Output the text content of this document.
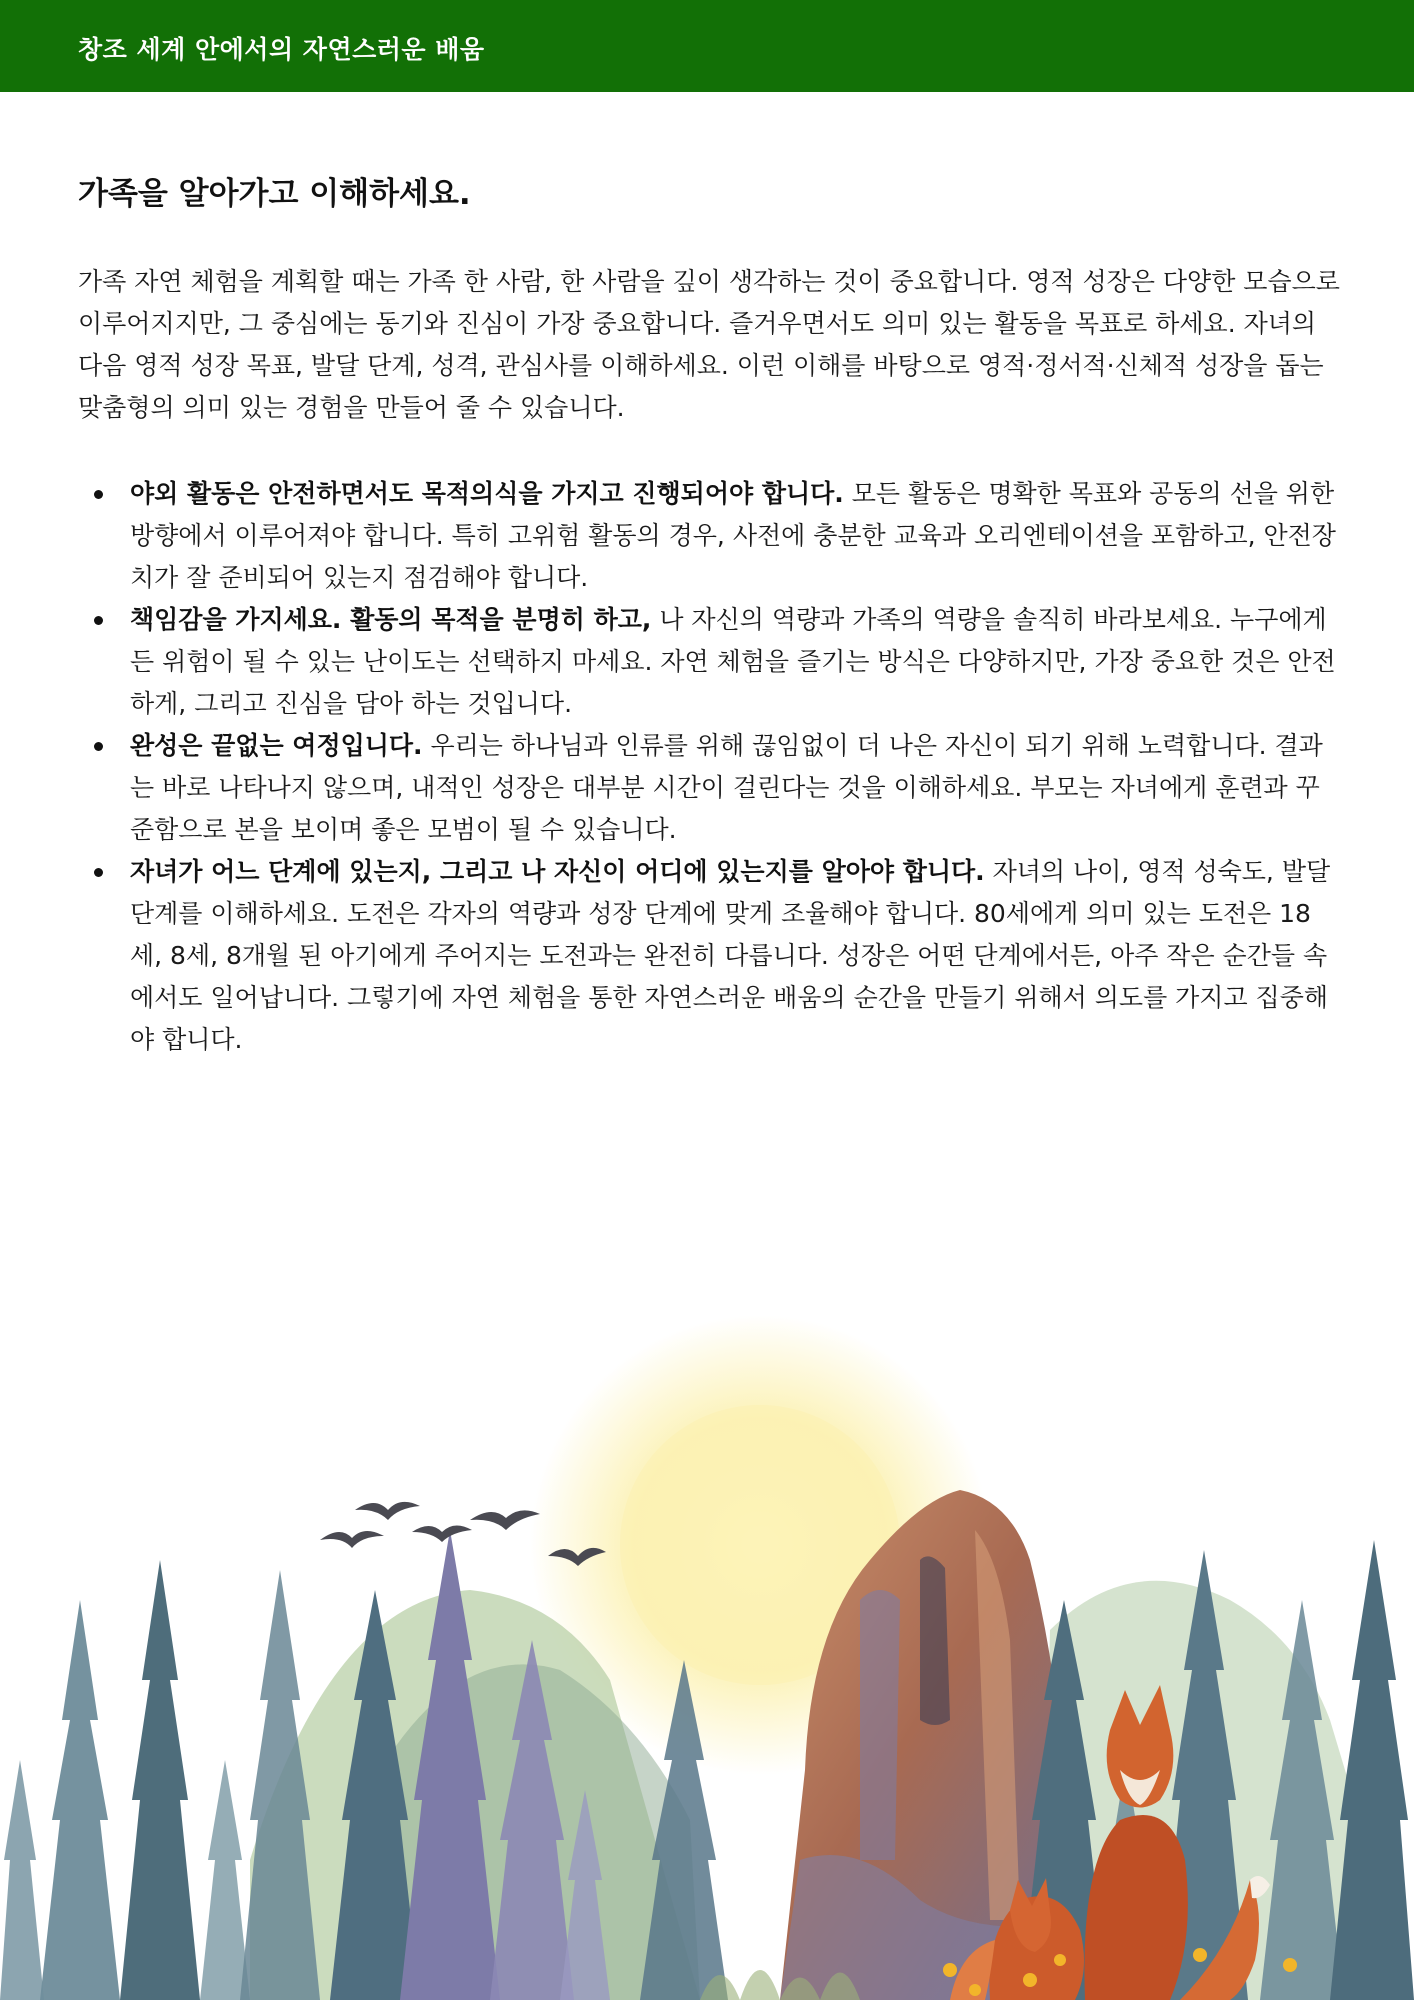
창조 세계 안에서의 자연스러운 배움
가족을 알아가고 이해하세요.

가족 자연 체험을 계획할 때는 가족 한 사람, 한 사람을 깊이 생각하는 것이 중요합니다. 영적 성장은 다양한 모습으로 이루어지지만, 그 중심에는 동기와 진심이 가장 중요합니다. 즐거우면서도 의미 있는 활동을 목표로 하세요. 자녀의 다음 영적 성장 목표, 발달 단계, 성격, 관심사를 이해하세요. 이런 이해를 바탕으로 영적·정서적·신체적 성장을 돕는 맞춤형의 의미 있는 경험을 만들어 줄 수 있습니다.

야외 활동은 안전하면서도 목적의식을 가지고 진행되어야 합니다. 모든 활동은 명확한 목표와 공동의 선을 위한 방향에서 이루어져야 합니다. 특히 고위험 활동의 경우, 사전에 충분한 교육과 오리엔테이션을 포함하고, 안전장치가 잘 준비되어 있는지 점검해야 합니다.
책임감을 가지세요. 활동의 목적을 분명히 하고, 나 자신의 역량과 가족의 역량을 솔직히 바라보세요. 누구에게든 위험이 될 수 있는 난이도는 선택하지 마세요. 자연 체험을 즐기는 방식은 다양하지만, 가장 중요한 것은 안전하게, 그리고 진심을 담아 하는 것입니다.
완성은 끝없는 여정입니다. 우리는 하나님과 인류를 위해 끊임없이 더 나은 자신이 되기 위해 노력합니다. 결과는 바로 나타나지 않으며, 내적인 성장은 대부분 시간이 걸린다는 것을 이해하세요. 부모는 자녀에게 훈련과 꾸준함으로 본을 보이며 좋은 모범이 될 수 있습니다.
자녀가 어느 단계에 있는지, 그리고 나 자신이 어디에 있는지를 알아야 합니다. 자녀의 나이, 영적 성숙도, 발달 단계를 이해하세요. 도전은 각자의 역량과 성장 단계에 맞게 조율해야 합니다. 80세에게 의미 있는 도전은 18세, 8세, 8개월 된 아기에게 주어지는 도전과는 완전히 다릅니다. 성장은 어떤 단계에서든, 아주 작은 순간들 속에서도 일어납니다. 그렇기에 자연 체험을 통한 자연스러운 배움의 순간을 만들기 위해서 의도를 가지고 집중해야 합니다.
